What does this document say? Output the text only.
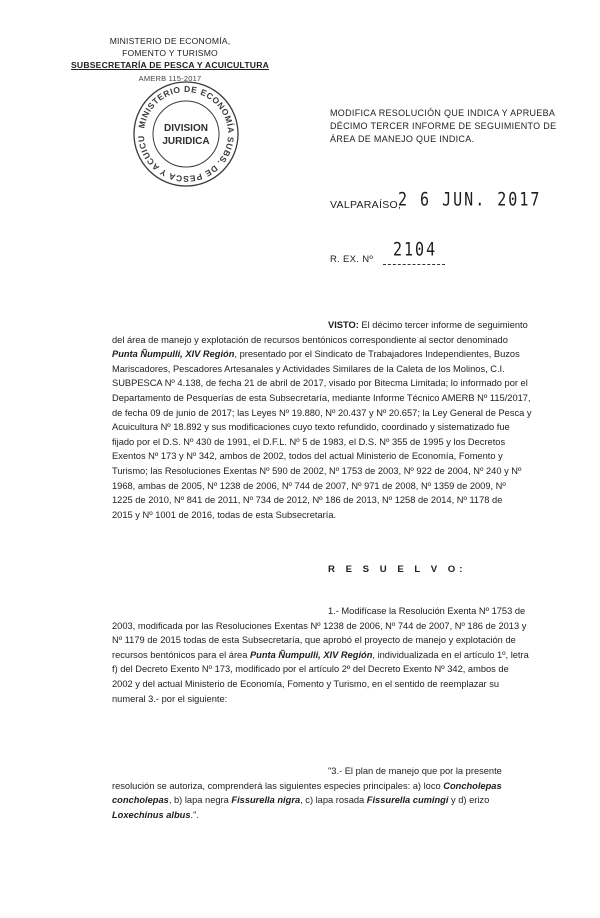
MINISTERIO DE ECONOMÍA,
FOMENTO Y TURISMO
SUBSECRETARÍA DE PESCA Y ACUICULTURA
AMERB 115-2017
MINISTERIO DE ECONOMÍA SUBS. DE PESCA Y ACUICU
DIVISION
JURIDICA
MODIFICA RESOLUCIÓN QUE INDICA Y APRUEBA
DÉCIMO TERCER INFORME DE SEGUIMIENTO DE
ÁREA DE MANEJO QUE INDICA.
VALPARAÍSO,
2 6 JUN. 2017
R. EX. Nº 2104
VISTO: El décimo tercer informe de seguimiento
del área de manejo y explotación de recursos bentónicos correspondiente al sector denominado
Punta Ñumpulli, XIV Región, presentado por el Sindicato de Trabajadores Independientes, Buzos
Mariscadores, Pescadores Artesanales y Actividades Similares de la Caleta de los Molinos, C.I.
SUBPESCA Nº 4.138, de fecha 21 de abril de 2017, visado por Bitecma Limitada; lo informado por el
Departamento de Pesquerías de esta Subsecretaría, mediante Informe Técnico AMERB Nº 115/2017,
de fecha 09 de junio de 2017; las Leyes Nº 19.880, Nº 20.437 y Nº 20.657; la Ley General de Pesca y
Acuicultura Nº 18.892 y sus modificaciones cuyo texto refundido, coordinado y sistematizado fue
fijado por el D.S. Nº 430 de 1991, el D.F.L. Nº 5 de 1983, el D.S. Nº 355 de 1995 y los Decretos
Exentos Nº 173 y Nº 342, ambos de 2002, todos del actual Ministerio de Economía, Fomento y
Turismo; las Resoluciones Exentas Nº 590 de 2002, Nº 1753 de 2003, Nº 922 de 2004, Nº 240 y Nº
1968, ambas de 2005, Nº 1238 de 2006, Nº 744 de 2007, Nº 971 de 2008, Nº 1359 de 2009, Nº
1225 de 2010, Nº 841 de 2011, Nº 734 de 2012, Nº 186 de 2013, Nº 1258 de 2014, Nº 1178 de
2015 y Nº 1001 de 2016, todas de esta Subsecretaría.
R E S U E L V O:
1.- Modifícase la Resolución Exenta Nº 1753 de
2003, modificada por las Resoluciones Exentas Nº 1238 de 2006, Nº 744 de 2007, Nº 186 de 2013 y
Nº 1179 de 2015 todas de esta Subsecretaría, que aprobó el proyecto de manejo y explotación de
recursos bentónicos para el área Punta Ñumpulli, XIV Región, individualizada en el artículo 1º, letra
f) del Decreto Exento Nº 173, modificado por el artículo 2º del Decreto Exento Nº 342, ambos de
2002 y del actual Ministerio de Economía, Fomento y Turismo, en el sentido de reemplazar su
numeral 3.- por el siguiente:
"3.- El plan de manejo que por la presente
resolución se autoriza, comprenderá las siguientes especies principales: a) loco Concholepas
concholepas, b) lapa negra Fissurella nigra, c) lapa rosada Fissurella cumingi y d) erizo
Loxechinus albus.".
